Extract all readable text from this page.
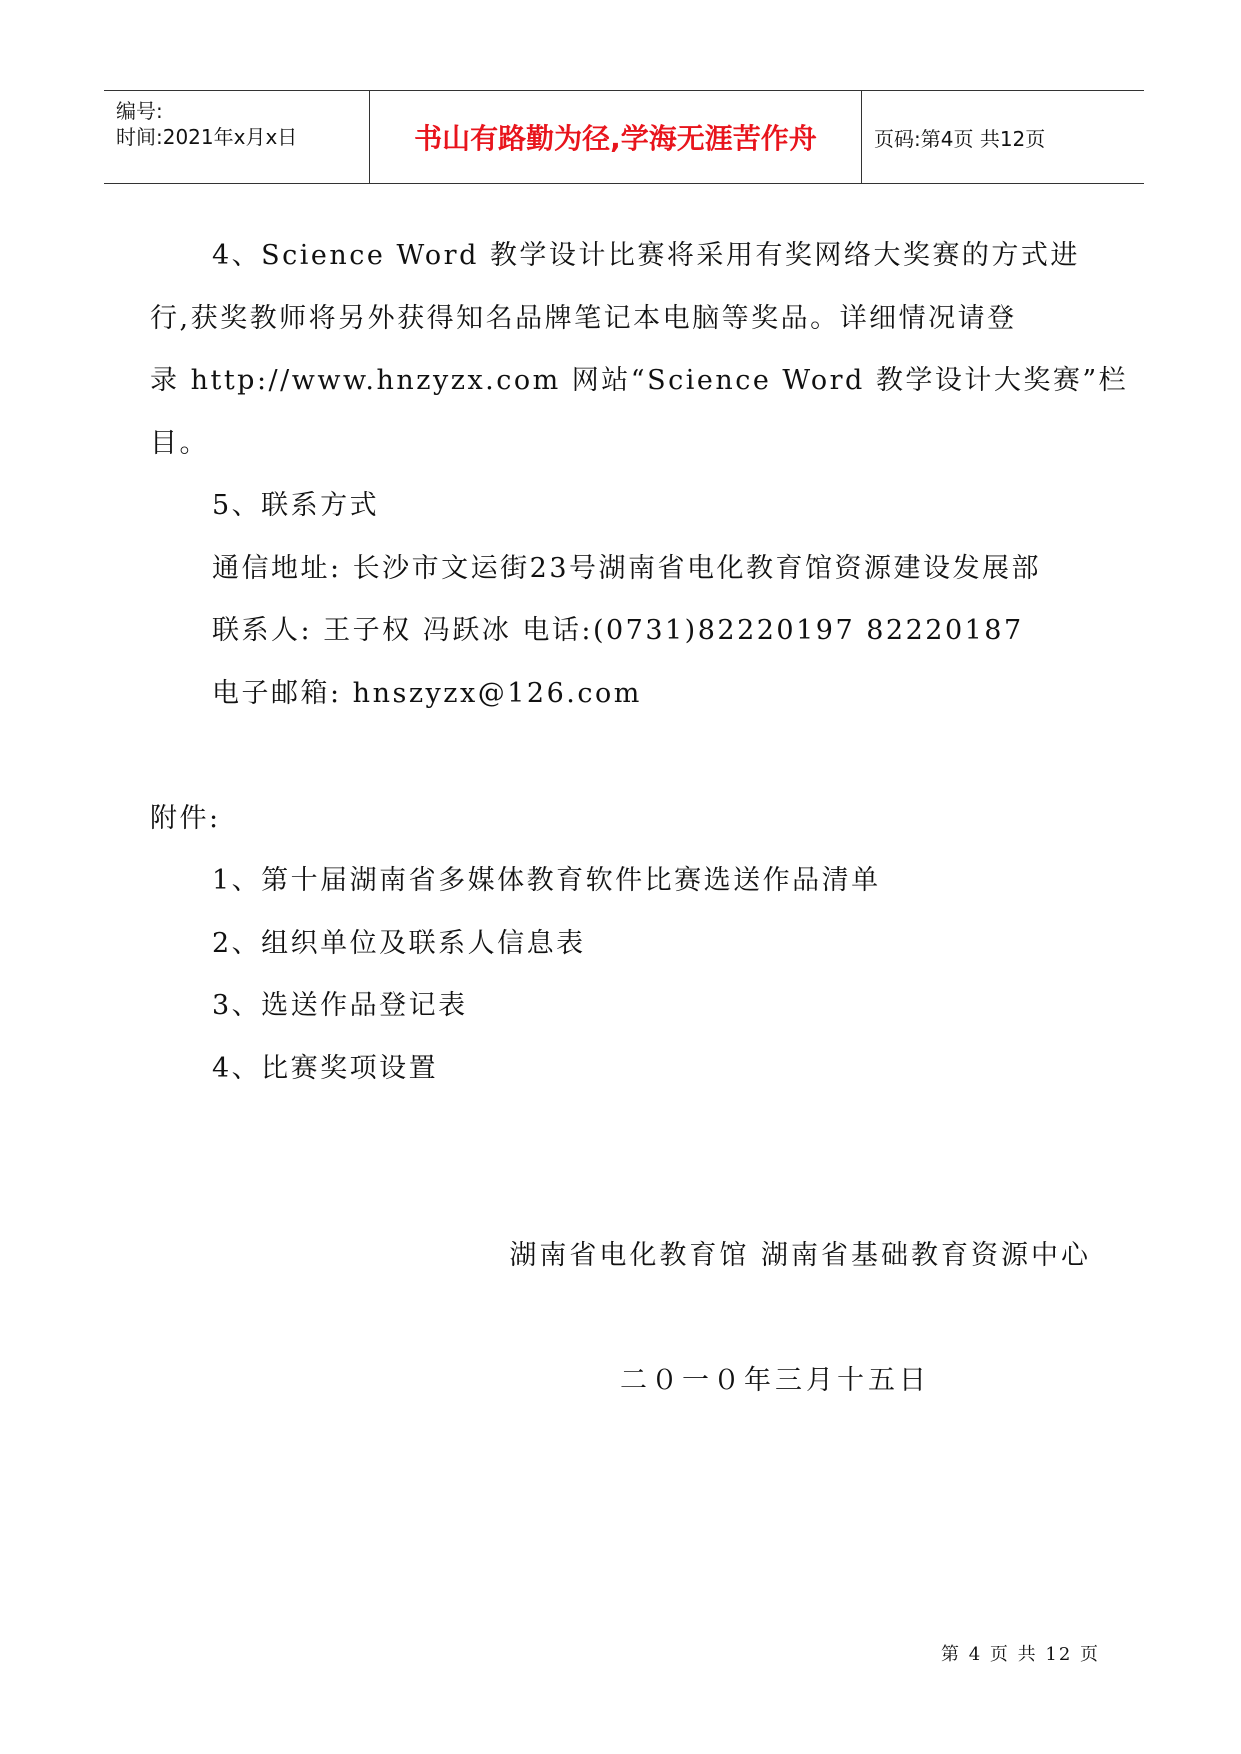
编号:
时间:2021年x月x日	书山有路勤为径,学海无涯苦作舟	页码:第4页 共12页
4、Science Word 教学设计比赛将采用有奖网络大奖赛的方式进
行,获奖教师将另外获得知名品牌笔记本电脑等奖品。详细情况请登
录 http://www.hnzyzx.com 网站“Science Word 教学设计大奖赛”栏
目。
5、联系方式
通信地址: 长沙市文运街23号湖南省电化教育馆资源建设发展部
联系人: 王子权 冯跃冰 电话:(0731)82220197 82220187
电子邮箱: hnszyzx@126.com
附件:
1、第十届湖南省多媒体教育软件比赛选送作品清单
2、组织单位及联系人信息表
3、选送作品登记表
4、比赛奖项设置
湖南省电化教育馆 湖南省基础教育资源中心
二０一０年三月十五日
第 4 页 共 12 页
